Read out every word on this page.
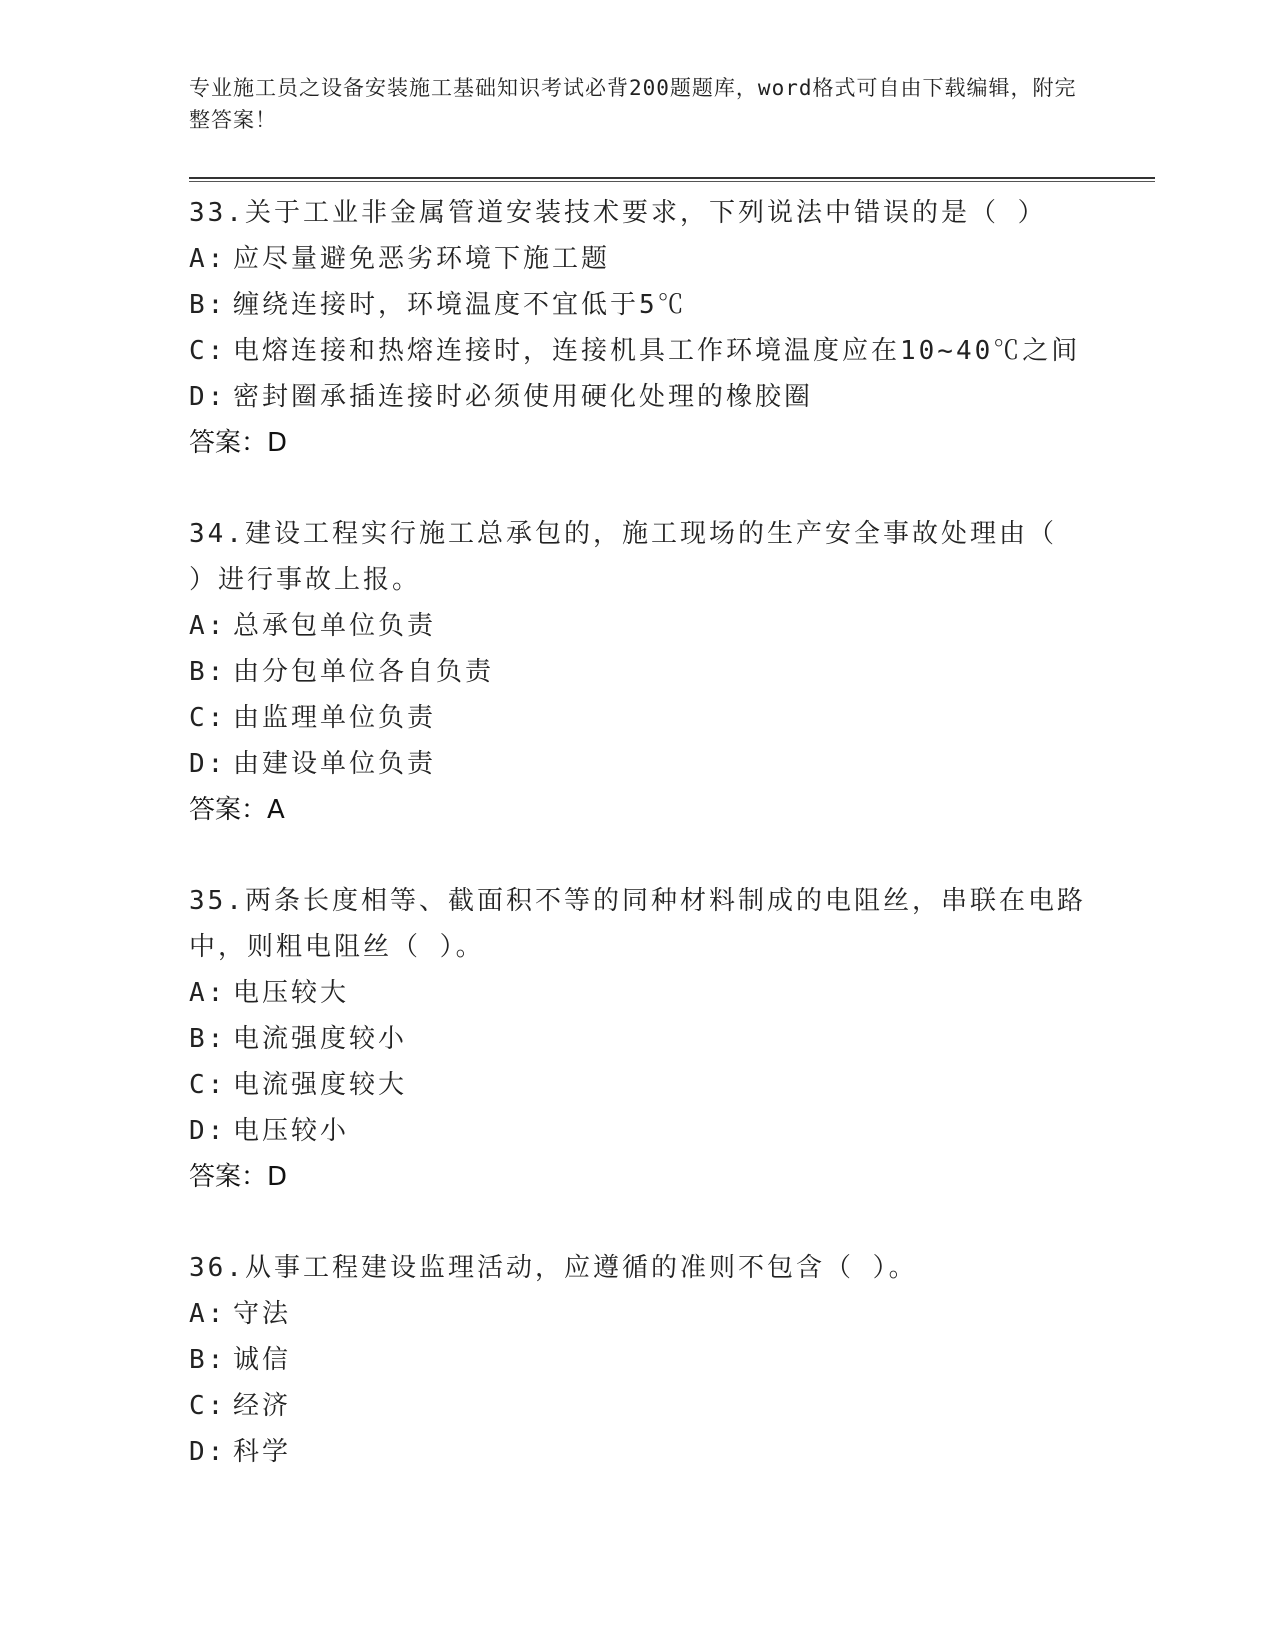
专业施工员之设备安装施工基础知识考试必背200题题库，word格式可自由下载编辑，附完整答案！
33.关于工业非金属管道安装技术要求，下列说法中错误的是（ ）
A: 应尽量避免恶劣环境下施工题
B: 缠绕连接时，环境温度不宜低于5℃
C: 电熔连接和热熔连接时，连接机具工作环境温度应在10~40℃之间
D: 密封圈承插连接时必须使用硬化处理的橡胶圈
答案：D
34.建设工程实行施工总承包的，施工现场的生产安全事故处理由（ ）进行事故上报。
A: 总承包单位负责
B: 由分包单位各自负责
C: 由监理单位负责
D: 由建设单位负责
答案：A
35.两条长度相等、截面积不等的同种材料制成的电阻丝，串联在电路中，则粗电阻丝（ ）。
A: 电压较大
B: 电流强度较小
C: 电流强度较大
D: 电压较小
答案：D
36.从事工程建设监理活动，应遵循的准则不包含（ ）。
A: 守法
B: 诚信
C: 经济
D: 科学
